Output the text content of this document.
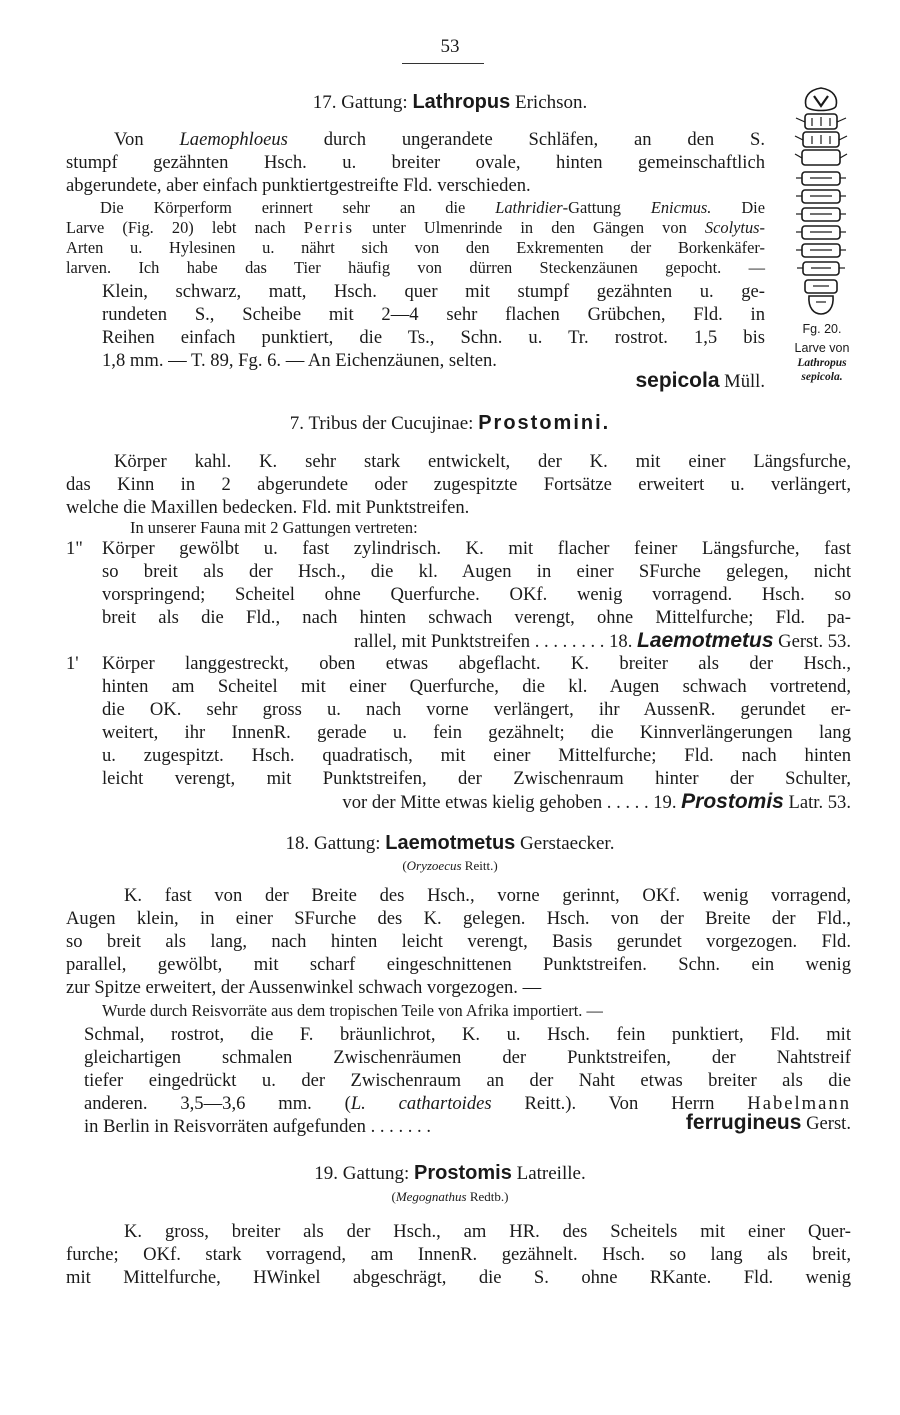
53
17. Gattung: Lathropus Erichson.
Von Laemophloeus durch ungerandete Schläfen, an den S.
stumpf gezähnten Hsch. u. breiter ovale, hinten gemeinschaftlich
abgerundete, aber einfach punktiertgestreifte Fld. verschieden.
Die Körperform erinnert sehr an die Lathridier-Gattung Enicmus. Die
Larve (Fig. 20) lebt nach Perris unter Ulmenrinde in den Gängen von Scolytus-
Arten u. Hylesinen u. nährt sich von den Exkrementen der Borkenkäfer-
larven. Ich habe das Tier häufig von dürren Steckenzäunen gepocht. —
Klein, schwarz, matt, Hsch. quer mit stumpf gezähnten u. ge-
rundeten S., Scheibe mit 2—4 sehr flachen Grübchen, Fld. in
Reihen einfach punktiert, die Ts., Schn. u. Tr. rostrot. 1,5 bis
1,8 mm. — T. 89, Fg. 6. — An Eichenzäunen, selten.
sepicola Müll.
Fg. 20.
Larve von
Lathropus
sepicola.
7. Tribus der Cucujinae: Prostomini.
Körper kahl. K. sehr stark entwickelt, der K. mit einer Längsfurche,
das Kinn in 2 abgerundete oder zugespitzte Fortsätze erweitert u. verlängert,
welche die Maxillen bedecken. Fld. mit Punktstreifen.
In unserer Fauna mit 2 Gattungen vertreten:
1"	Körper gewölbt u. fast zylindrisch. K. mit flacher feiner Längsfurche, fast
so breit als der Hsch., die kl. Augen in einer SFurche gelegen, nicht
vorspringend; Scheitel ohne Querfurche. OKf. wenig vorragend. Hsch. so
breit als die Fld., nach hinten schwach verengt, ohne Mittelfurche; Fld. pa-
rallel, mit Punktstreifen . . . . . . . . 18. Laemotmetus Gerst. 53.
1'	Körper langgestreckt, oben etwas abgeflacht. K. breiter als der Hsch.,
hinten am Scheitel mit einer Querfurche, die kl. Augen schwach vortretend,
die OK. sehr gross u. nach vorne verlängert, ihr AussenR. gerundet er-
weitert, ihr InnenR. gerade u. fein gezähnelt; die Kinnverlängerungen lang
u. zugespitzt. Hsch. quadratisch, mit einer Mittelfurche; Fld. nach hinten
leicht verengt, mit Punktstreifen, der Zwischenraum hinter der Schulter,
vor der Mitte etwas kielig gehoben . . . . . 19. Prostomis Latr. 53.
18. Gattung: Laemotmetus Gerstaecker.
(Oryzoecus Reitt.)
K. fast von der Breite des Hsch., vorne gerinnt, OKf. wenig vorragend,
Augen klein, in einer SFurche des K. gelegen. Hsch. von der Breite der Fld.,
so breit als lang, nach hinten leicht verengt, Basis gerundet vorgezogen. Fld.
parallel, gewölbt, mit scharf eingeschnittenen Punktstreifen. Schn. ein wenig
zur Spitze erweitert, der Aussenwinkel schwach vorgezogen. —
Wurde durch Reisvorräte aus dem tropischen Teile von Afrika importiert. —
Schmal, rostrot, die F. bräunlichrot, K. u. Hsch. fein punktiert, Fld. mit
gleichartigen schmalen Zwischenräumen der Punktstreifen, der Nahtstreif
tiefer eingedrückt u. der Zwischenraum an der Naht etwas breiter als die
anderen. 3,5—3,6 mm. (L. cathartoides Reitt.). Von Herrn Habelmann
in Berlin in Reisvorräten aufgefunden . . . . . . .	ferrugineus Gerst.
19. Gattung: Prostomis Latreille.
(Megognathus Redtb.)
K. gross, breiter als der Hsch., am HR. des Scheitels mit einer Quer-
furche; OKf. stark vorragend, am InnenR. gezähnelt. Hsch. so lang als breit,
mit Mittelfurche, HWinkel abgeschrägt, die S. ohne RKante. Fld. wenig
